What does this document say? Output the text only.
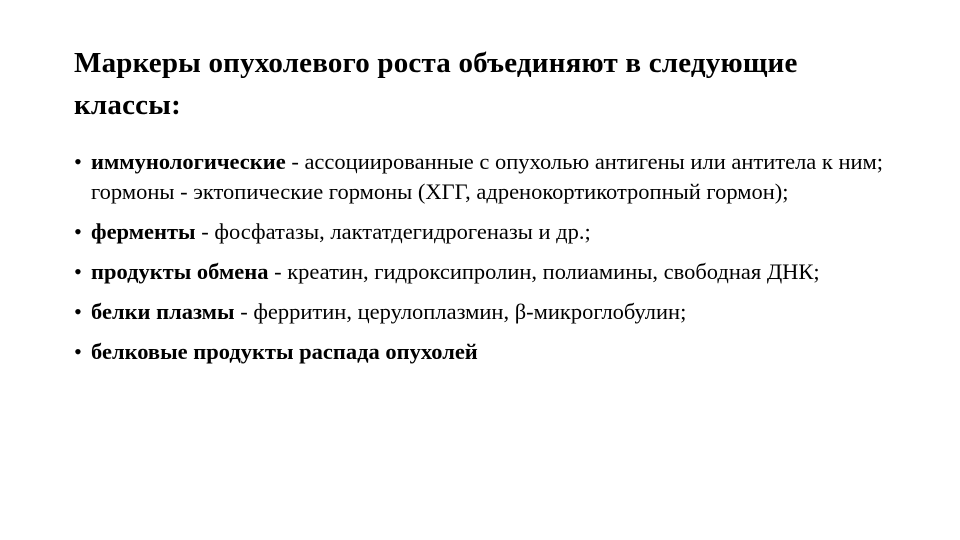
Маркеры опухолевого роста объединяют в следующие классы:
• иммунологические - ассоциированные с опухолью антигены или антитела к ним; гормоны - эктопические гормоны (ХГГ, адренокортикотропный гормон);
• ферменты - фосфатазы, лактатдегидрогеназы и др.;
• продукты обмена - креатин, гидроксипролин, полиамины, свободная ДНК;
• белки плазмы - ферритин, церулоплазмин, β-микроглобулин;
• белковые продукты распада опухолей
